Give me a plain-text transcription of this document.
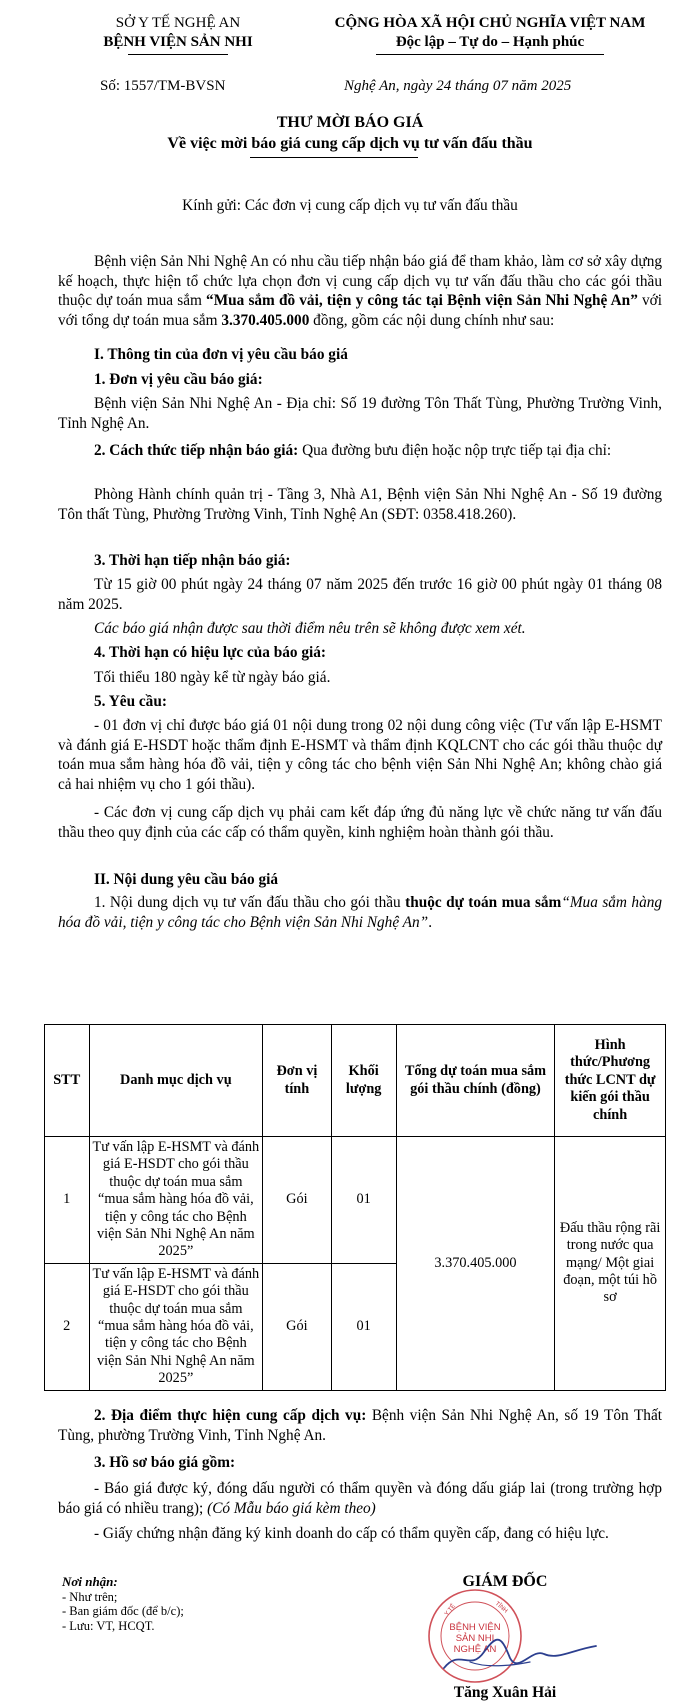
SỞ Y TẾ NGHỆ AN
BỆNH VIỆN SẢN NHI
CỘNG HÒA XÃ HỘI CHỦ NGHĨA VIỆT NAM
Độc lập – Tự do – Hạnh phúc
Số: 1557/TM-BVSN	Nghệ An, ngày 24 tháng 07 năm 2025
THƯ MỜI BÁO GIÁ
Về việc mời báo giá cung cấp dịch vụ tư vấn đấu thầu
Kính gửi: Các đơn vị cung cấp dịch vụ tư vấn đấu thầu
Bệnh viện Sản Nhi Nghệ An có nhu cầu tiếp nhận báo giá để tham khảo, làm cơ sở xây dựng kế hoạch, thực hiện tổ chức lựa chọn đơn vị cung cấp dịch vụ tư vấn đấu thầu cho các gói thầu thuộc dự toán mua sắm “Mua sắm đồ vải, tiện y công tác tại Bệnh viện Sản Nhi Nghệ An” với với tổng dự toán mua sắm 3.370.405.000 đồng, gồm các nội dung chính như sau:
I. Thông tin của đơn vị yêu cầu báo giá
1. Đơn vị yêu cầu báo giá:
Bệnh viện Sản Nhi Nghệ An - Địa chỉ: Số 19 đường Tôn Thất Tùng, Phường Trường Vinh, Tỉnh Nghệ An.
2. Cách thức tiếp nhận báo giá: Qua đường bưu điện hoặc nộp trực tiếp tại địa chỉ:
Phòng Hành chính quản trị - Tầng 3, Nhà A1, Bệnh viện Sản Nhi Nghệ An - Số 19 đường Tôn thất Tùng, Phường Trường Vinh, Tỉnh Nghệ An (SĐT: 0358.418.260).
3. Thời hạn tiếp nhận báo giá:
Từ 15 giờ 00 phút ngày 24 tháng 07 năm 2025 đến trước 16 giờ 00 phút ngày 01 tháng 08 năm 2025.
Các báo giá nhận được sau thời điểm nêu trên sẽ không được xem xét.
4. Thời hạn có hiệu lực của báo giá:
Tối thiểu 180 ngày kể từ ngày báo giá.
5. Yêu cầu:
- 01 đơn vị chỉ được báo giá 01 nội dung trong 02 nội dung công việc (Tư vấn lập E-HSMT và đánh giá E-HSDT hoặc thẩm định E-HSMT và thẩm định KQLCNT cho các gói thầu thuộc dự toán mua sắm hàng hóa đồ vải, tiện y công tác cho bệnh viện Sản Nhi Nghệ An; không chào giá cả hai nhiệm vụ cho 1 gói thầu).
- Các đơn vị cung cấp dịch vụ phải cam kết đáp ứng đủ năng lực về chức năng tư vấn đấu thầu theo quy định của các cấp có thẩm quyền, kinh nghiệm hoàn thành gói thầu.
II. Nội dung yêu cầu báo giá
1. Nội dung dịch vụ tư vấn đấu thầu cho gói thầu thuộc dự toán mua sắm“Mua sắm hàng hóa đồ vải, tiện y công tác cho Bệnh viện Sản Nhi Nghệ An”.
STT	Danh mục dịch vụ	Đơn vị tính	Khối lượng	Tổng dự toán mua sắm gói thầu chính (đồng)	Hình thức/Phương thức LCNT dự kiến gói thầu chính
1	Tư vấn lập E-HSMT và đánh giá E-HSDT cho gói thầu thuộc dự toán mua sắm “mua sắm hàng hóa đồ vải, tiện y công tác cho Bệnh viện Sản Nhi Nghệ An năm 2025”	Gói	01	3.370.405.000	Đấu thầu rộng rãi trong nước qua mạng/ Một giai đoạn, một túi hồ sơ
2	Tư vấn lập E-HSMT và đánh giá E-HSDT cho gói thầu thuộc dự toán mua sắm “mua sắm hàng hóa đồ vải, tiện y công tác cho Bệnh viện Sản Nhi Nghệ An năm 2025”	Gói	01		
2. Địa điểm thực hiện cung cấp dịch vụ: Bệnh viện Sản Nhi Nghệ An, số 19 Tôn Thất Tùng, phường Trường Vinh, Tỉnh Nghệ An.
3. Hồ sơ báo giá gồm:
- Báo giá được ký, đóng dấu người có thẩm quyền và đóng dấu giáp lai (trong trường hợp báo giá có nhiều trang); (Có Mẫu báo giá kèm theo)
- Giấy chứng nhận đăng ký kinh doanh do cấp có thẩm quyền cấp, đang có hiệu lực.
Nơi nhận:
- Như trên;
- Ban giám đốc (để b/c);
- Lưu: VT, HCQT.
GIÁM ĐỐC
BỆNH VIỆN
SẢN NHI
NGHỆ AN
Y TẾ	TỈNH
Tăng Xuân Hải
